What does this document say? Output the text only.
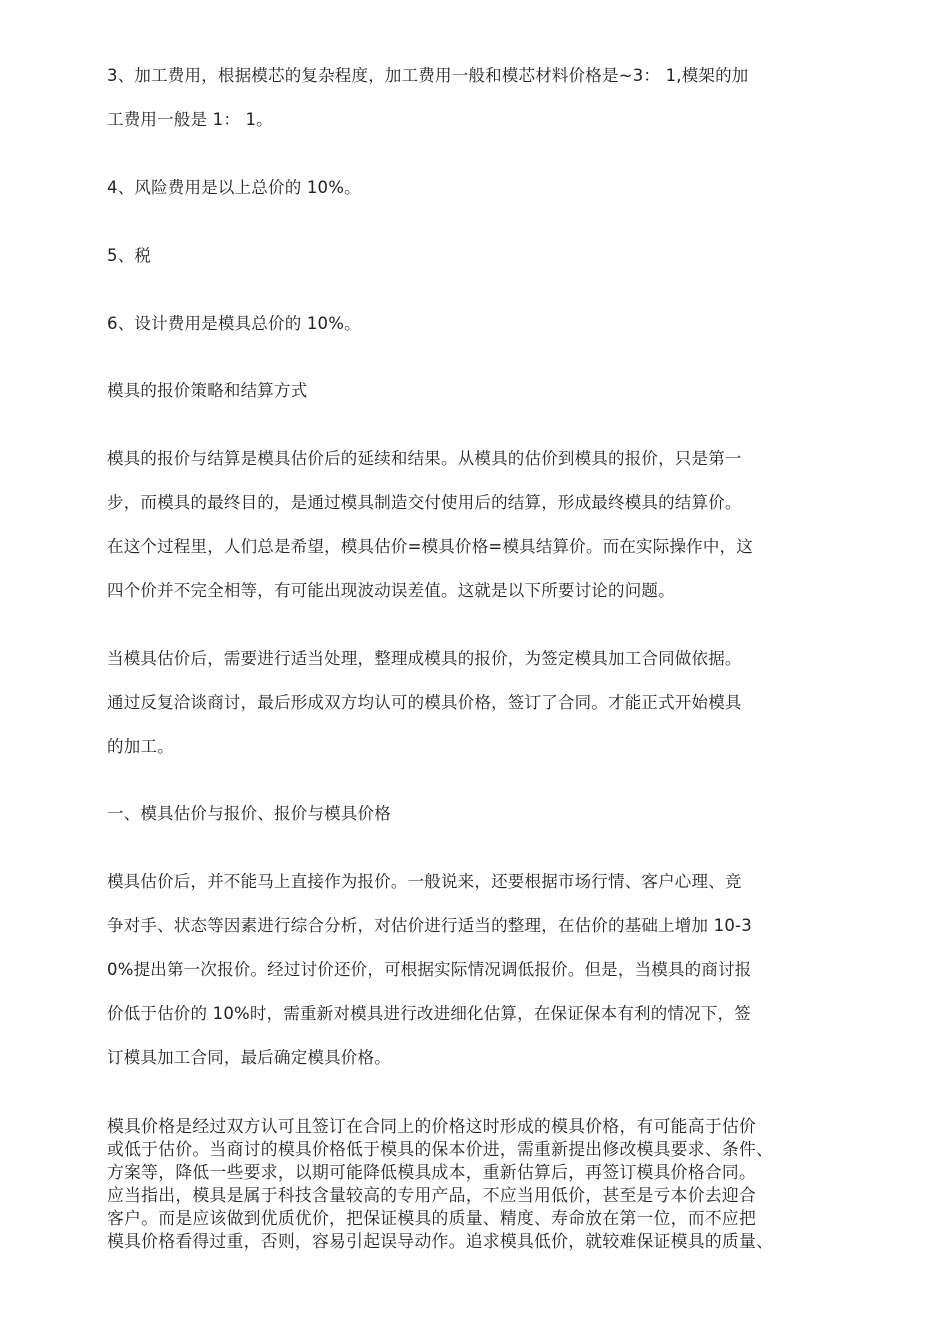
3、加工费用，根据模芯的复杂程度，加工费用一般和模芯材料价格是~3： 1,模架的加

工费用一般是 1： 1。

4、风险费用是以上总价的 10%。

5、税

6、设计费用是模具总价的 10%。

模具的报价策略和结算方式

模具的报价与结算是模具估价后的延续和结果。从模具的估价到模具的报价，只是第一

步，而模具的最终目的，是通过模具制造交付使用后的结算，形成最终模具的结算价。

在这个过程里，人们总是希望，模具估价=模具价格=模具结算价。而在实际操作中，这

四个价并不完全相等，有可能出现波动误差值。这就是以下所要讨论的问题。

当模具估价后，需要进行适当处理，整理成模具的报价，为签定模具加工合同做依据。

通过反复洽谈商讨，最后形成双方均认可的模具价格，签订了合同。才能正式开始模具

的加工。

一、模具估价与报价、报价与模具价格

模具估价后，并不能马上直接作为报价。一般说来，还要根据市场行情、客户心理、竞

争对手、状态等因素进行综合分析，对估价进行适当的整理，在估价的基础上增加 10-3

0%提出第一次报价。经过讨价还价，可根据实际情况调低报价。但是，当模具的商讨报

价低于估价的 10%时，需重新对模具进行改进细化估算，在保证保本有利的情况下，签

订模具加工合同，最后确定模具价格。

模具价格是经过双方认可且签订在合同上的价格这时形成的模具价格，有可能高于估价

或低于估价。当商讨的模具价格低于模具的保本价进，需重新提出修改模具要求、条件、

方案等，降低一些要求，以期可能降低模具成本，重新估算后，再签订模具价格合同。

应当指出，模具是属于科技含量较高的专用产品，不应当用低价，甚至是亏本价去迎合

客户。而是应该做到优质优价，把保证模具的质量、精度、寿命放在第一位，而不应把

模具价格看得过重，否则，容易引起误导动作。追求模具低价，就较难保证模具的质量、
